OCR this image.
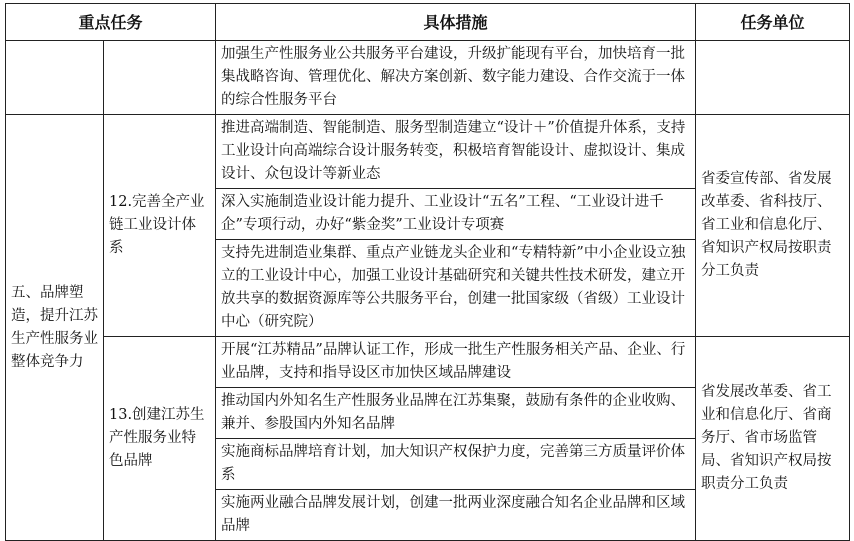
重点任务		具体措施	任务单位
		加强生产性服务业公共服务平台建设，升级扩能现有平台，加快培育一批集战略咨询、管理优化、解决方案创新、数字能力建设、合作交流于一体的综合性服务平台	
五、品牌塑造，提升江苏生产性服务业整体竞争力	12.完善全产业链工业设计体系	推进高端制造、智能制造、服务型制造建立“设计＋”价值提升体系，支持工业设计向高端综合设计服务转变，积极培育智能设计、虚拟设计、集成设计、众包设计等新业态	省委宣传部、省发展改革委、省科技厅、省工业和信息化厅、省知识产权局按职责分工负责
		深入实施制造业设计能力提升、工业设计“五名”工程、“工业设计进千企”专项行动，办好“紫金奖”工业设计专项赛	
		支持先进制造业集群、重点产业链龙头企业和“专精特新”中小企业设立独立的工业设计中心，加强工业设计基础研究和关键共性技术研发，建立开放共享的数据资源库等公共服务平台，创建一批国家级（省级）工业设计中心（研究院）	
	13.创建江苏生产性服务业特色品牌	开展“江苏精品”品牌认证工作，形成一批生产性服务相关产品、企业、行业品牌，支持和指导设区市加快区域品牌建设	省发展改革委、省工业和信息化厅、省商务厅、省市场监管局、省知识产权局按职责分工负责
		推动国内外知名生产性服务业品牌在江苏集聚，鼓励有条件的企业收购、兼并、参股国内外知名品牌	
		实施商标品牌培育计划，加大知识产权保护力度，完善第三方质量评价体系	
		实施两业融合品牌发展计划，创建一批两业深度融合知名企业品牌和区域品牌	
